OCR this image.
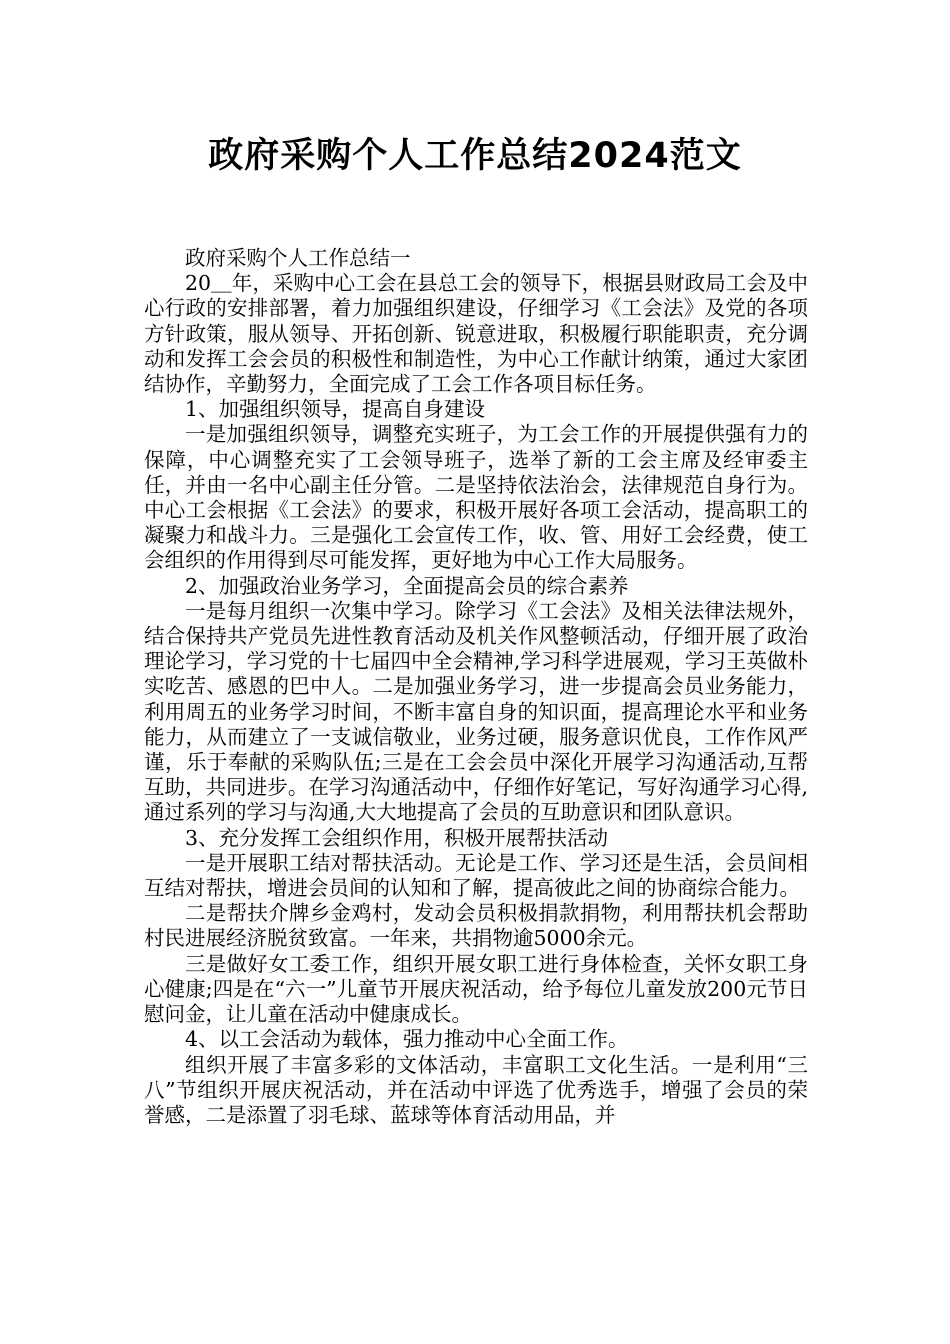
政府采购个人工作总结2024范文

政府采购个人工作总结一

20＿年，采购中心工会在县总工会的领导下，根据县财政局工会及中心行政的安排部署，着力加强组织建设，仔细学习《工会法》及党的各项方针政策，服从领导、开拓创新、锐意进取，积极履行职能职责，充分调动和发挥工会会员的积极性和制造性，为中心工作献计纳策，通过大家团结协作，辛勤努力，全面完成了工会工作各项目标任务。

1、加强组织领导，提高自身建设

一是加强组织领导，调整充实班子，为工会工作的开展提供强有力的保障，中心调整充实了工会领导班子，选举了新的工会主席及经审委主任，并由一名中心副主任分管。二是坚持依法治会，法律规范自身行为。中心工会根据《工会法》的要求，积极开展好各项工会活动，提高职工的凝聚力和战斗力。三是强化工会宣传工作，收、管、用好工会经费，使工会组织的作用得到尽可能发挥，更好地为中心工作大局服务。

2、加强政治业务学习，全面提高会员的综合素养

一是每月组织一次集中学习。除学习《工会法》及相关法律法规外，结合保持共产党员先进性教育活动及机关作风整顿活动，仔细开展了政治理论学习，学习党的十七届四中全会精神,学习科学进展观，学习王英做朴实吃苦、感恩的巴中人。二是加强业务学习，进一步提高会员业务能力，利用周五的业务学习时间，不断丰富自身的知识面，提高理论水平和业务能力，从而建立了一支诚信敬业，业务过硬，服务意识优良，工作作风严谨，乐于奉献的采购队伍;三是在工会会员中深化开展学习沟通活动,互帮互助，共同进步。在学习沟通活动中，仔细作好笔记，写好沟通学习心得,通过系列的学习与沟通,大大地提高了会员的互助意识和团队意识。

3、充分发挥工会组织作用，积极开展帮扶活动

一是开展职工结对帮扶活动。无论是工作、学习还是生活，会员间相互结对帮扶，增进会员间的认知和了解，提高彼此之间的协商综合能力。

二是帮扶介牌乡金鸡村，发动会员积极捐款捐物，利用帮扶机会帮助村民进展经济脱贫致富。一年来，共捐物逾5000余元。

三是做好女工委工作，组织开展女职工进行身体检查，关怀女职工身心健康;四是在“六一”儿童节开展庆祝活动，给予每位儿童发放200元节日慰问金，让儿童在活动中健康成长。

4、以工会活动为载体，强力推动中心全面工作。

组织开展了丰富多彩的文体活动，丰富职工文化生活。一是利用“三八”节组织开展庆祝活动，并在活动中评选了优秀选手，增强了会员的荣誉感，二是添置了羽毛球、蓝球等体育活动用品，并
